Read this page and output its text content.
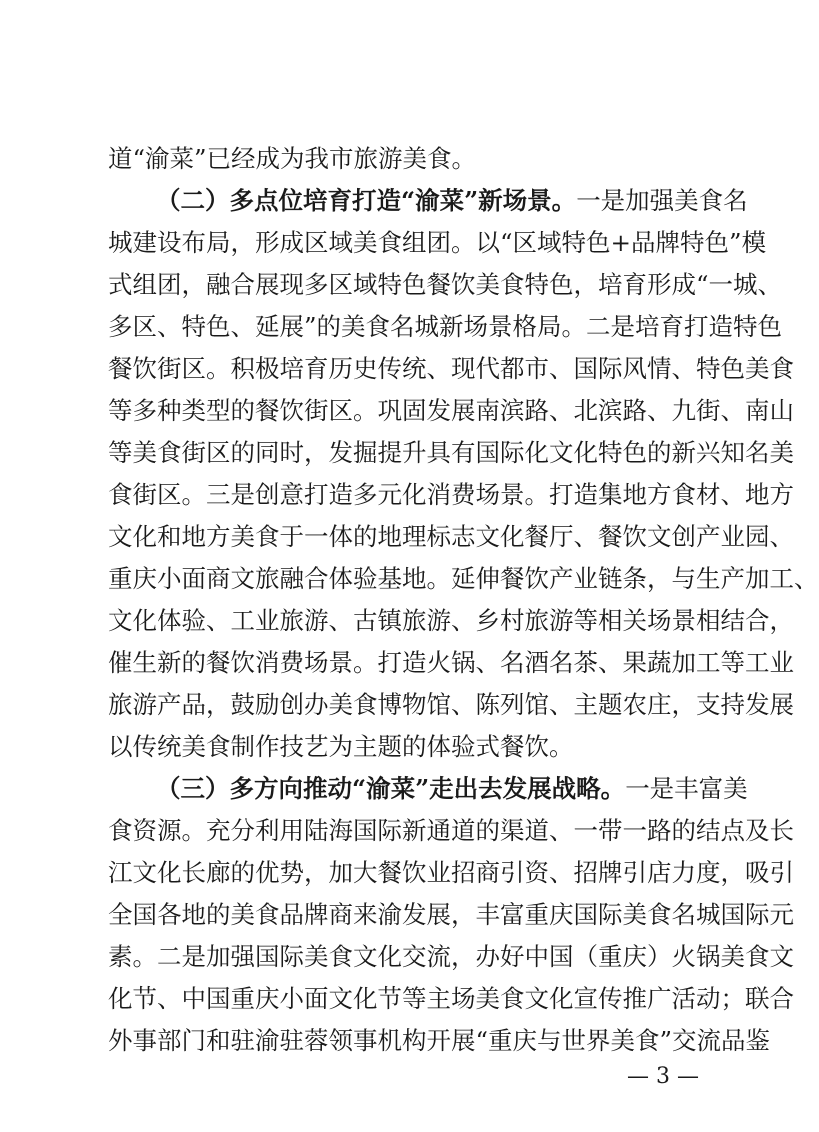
道“渝菜”已经成为我市旅游美食。
（二）多点位培育打造“渝菜”新场景。一是加强美食名
城建设布局，形成区域美食组团。以“区域特色+品牌特色”模
式组团，融合展现多区域特色餐饮美食特色，培育形成“一城、
多区、特色、延展”的美食名城新场景格局。二是培育打造特色
餐饮街区。积极培育历史传统、现代都市、国际风情、特色美食
等多种类型的餐饮街区。巩固发展南滨路、北滨路、九街、南山
等美食街区的同时，发掘提升具有国际化文化特色的新兴知名美
食街区。三是创意打造多元化消费场景。打造集地方食材、地方
文化和地方美食于一体的地理标志文化餐厅、餐饮文创产业园、
重庆小面商文旅融合体验基地。延伸餐饮产业链条，与生产加工、
文化体验、工业旅游、古镇旅游、乡村旅游等相关场景相结合，
催生新的餐饮消费场景。打造火锅、名酒名茶、果蔬加工等工业
旅游产品，鼓励创办美食博物馆、陈列馆、主题农庄，支持发展
以传统美食制作技艺为主题的体验式餐饮。
（三）多方向推动“渝菜”走出去发展战略。一是丰富美
食资源。充分利用陆海国际新通道的渠道、一带一路的结点及长
江文化长廊的优势，加大餐饮业招商引资、招牌引店力度，吸引
全国各地的美食品牌商来渝发展，丰富重庆国际美食名城国际元
素。二是加强国际美食文化交流，办好中国（重庆）火锅美食文
化节、中国重庆小面文化节等主场美食文化宣传推广活动；联合
外事部门和驻渝驻蓉领事机构开展“重庆与世界美食”交流品鉴
— 3 —
